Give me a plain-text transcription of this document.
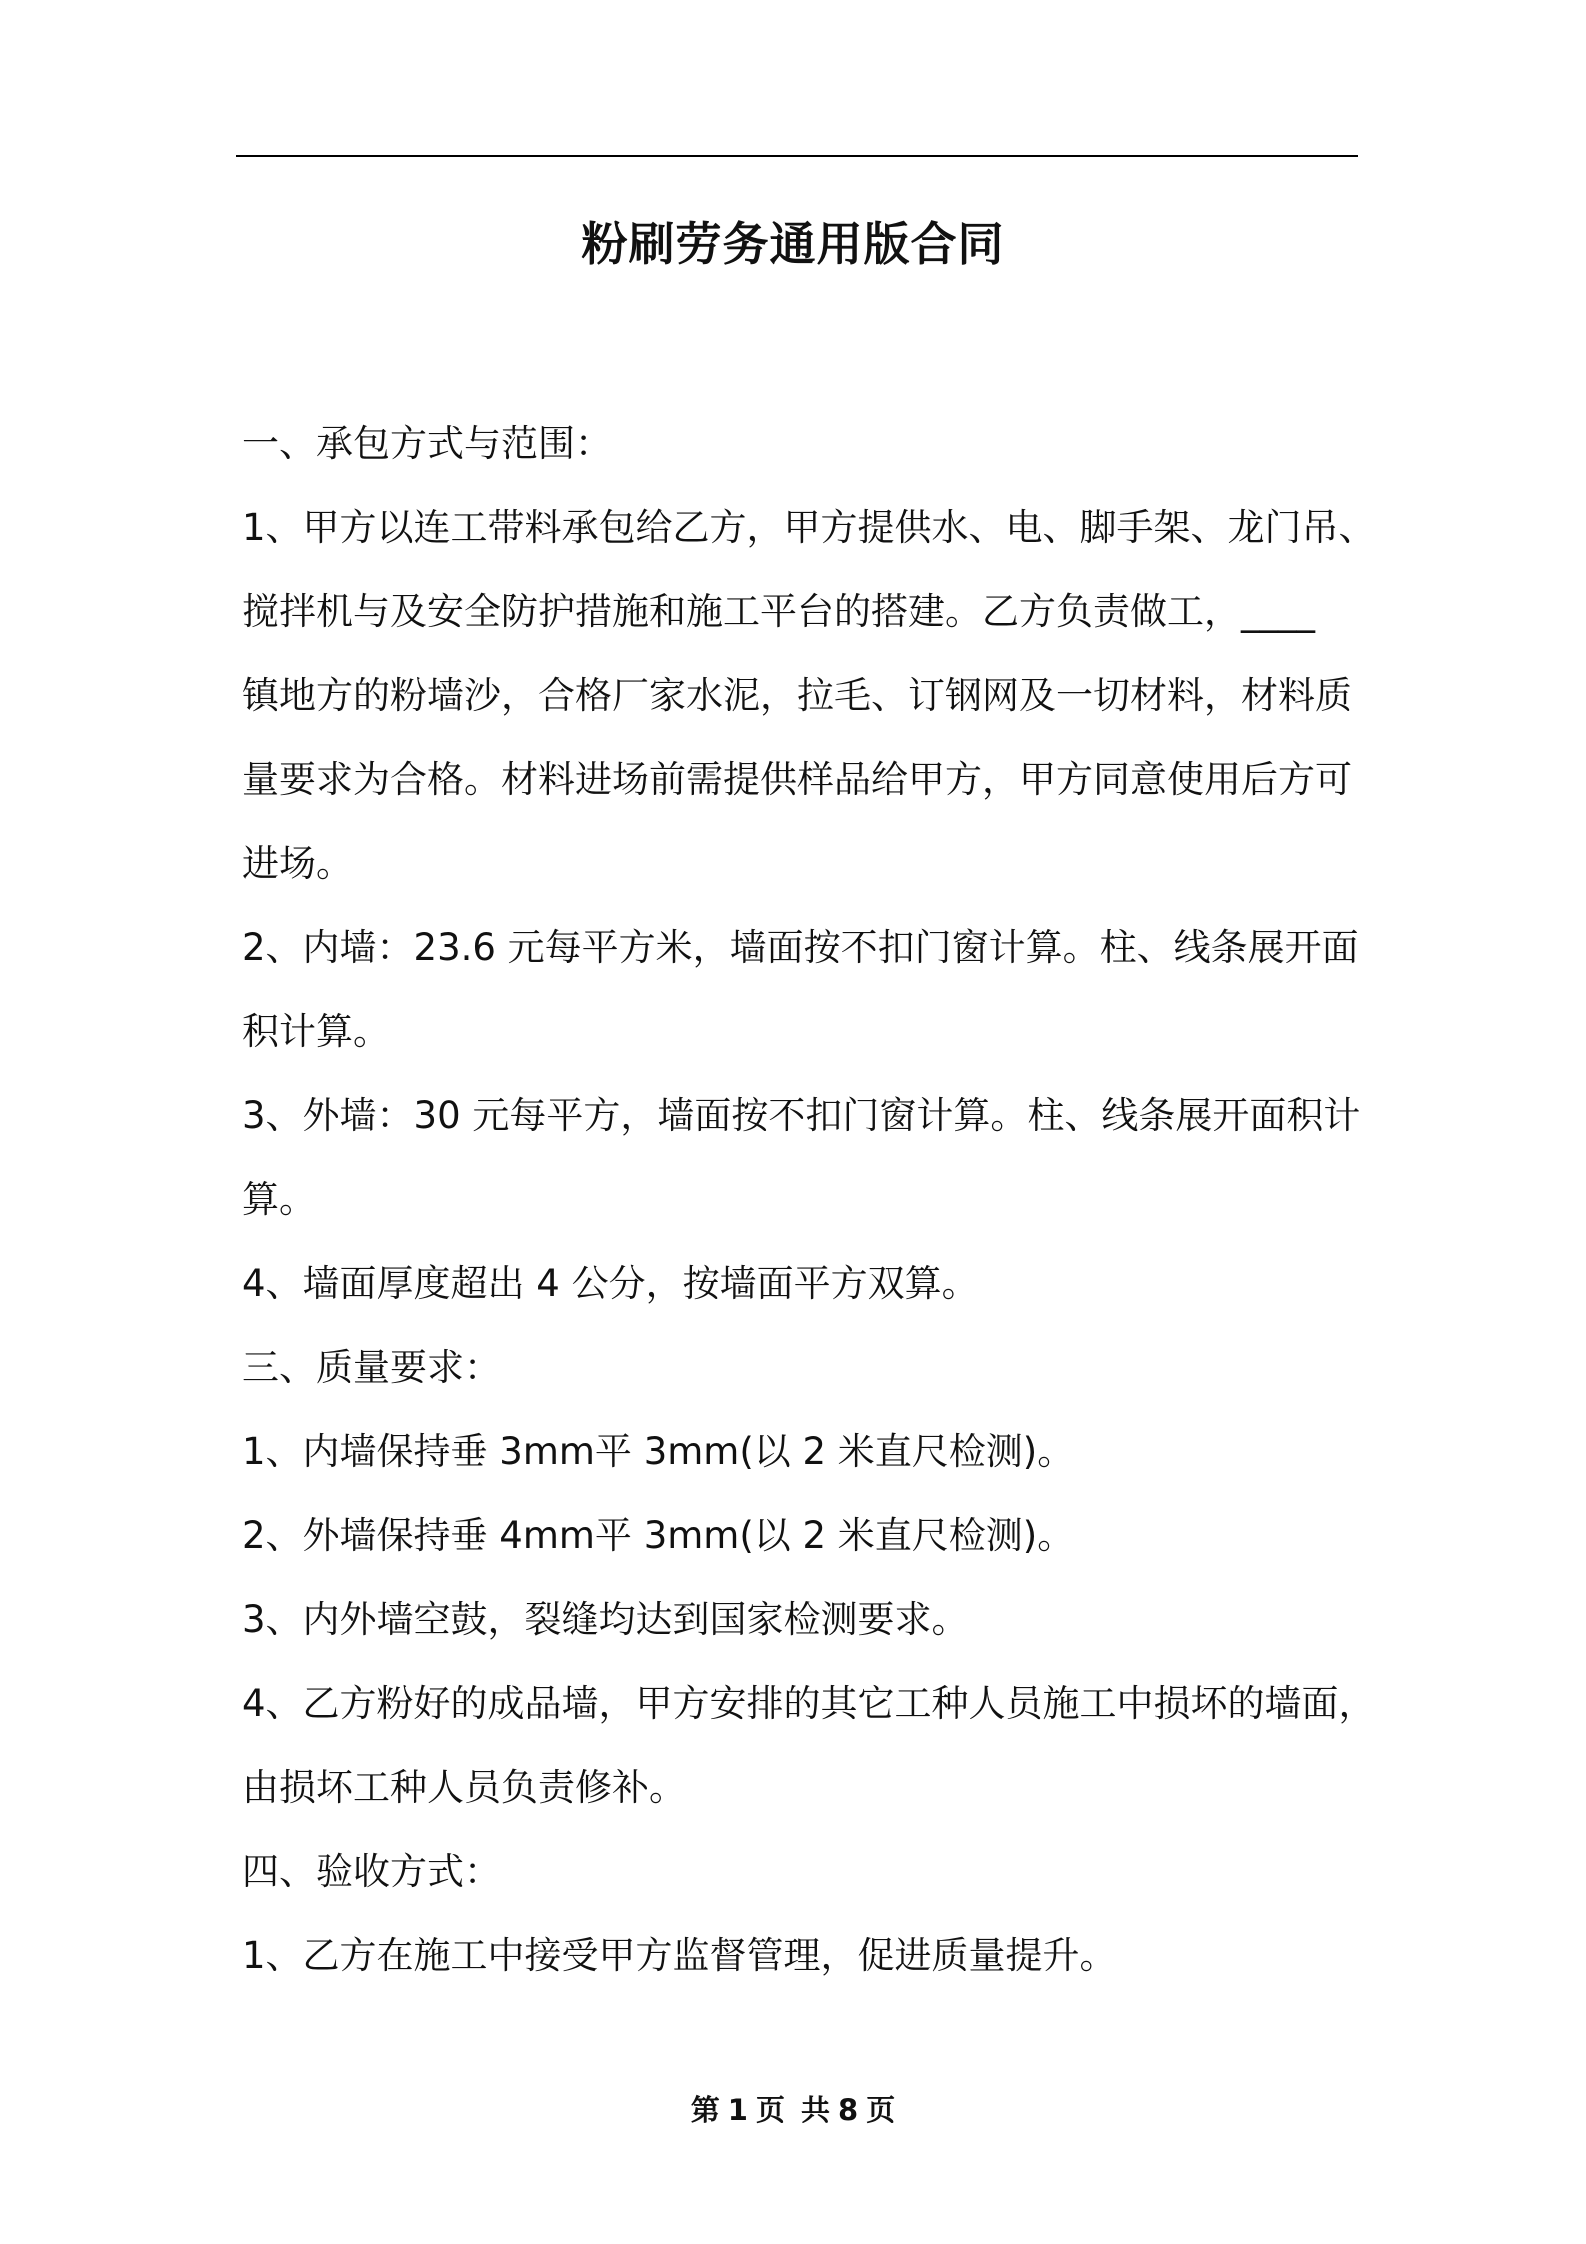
粉刷劳务通用版合同
一、承包方式与范围：
1、甲方以连工带料承包给乙方，甲方提供水、电、脚手架、龙门吊、
搅拌机与及安全防护措施和施工平台的搭建。乙方负责做工，____
镇地方的粉墙沙，合格厂家水泥，拉毛、订钢网及一切材料，材料质
量要求为合格。材料进场前需提供样品给甲方，甲方同意使用后方可
进场。
2、内墙：23.6 元每平方米，墙面按不扣门窗计算。柱、线条展开面
积计算。
3、外墙：30 元每平方，墙面按不扣门窗计算。柱、线条展开面积计
算。
4、墙面厚度超出 4 公分，按墙面平方双算。
三、质量要求：
1、内墙保持垂 3mm平 3mm(以 2 米直尺检测)。
2、外墙保持垂 4mm平 3mm(以 2 米直尺检测)。
3、内外墙空鼓，裂缝均达到国家检测要求。
4、乙方粉好的成品墙，甲方安排的其它工种人员施工中损坏的墙面，
由损坏工种人员负责修补。
四、验收方式：
1、乙方在施工中接受甲方监督管理，促进质量提升。
第 1 页 共 8 页
